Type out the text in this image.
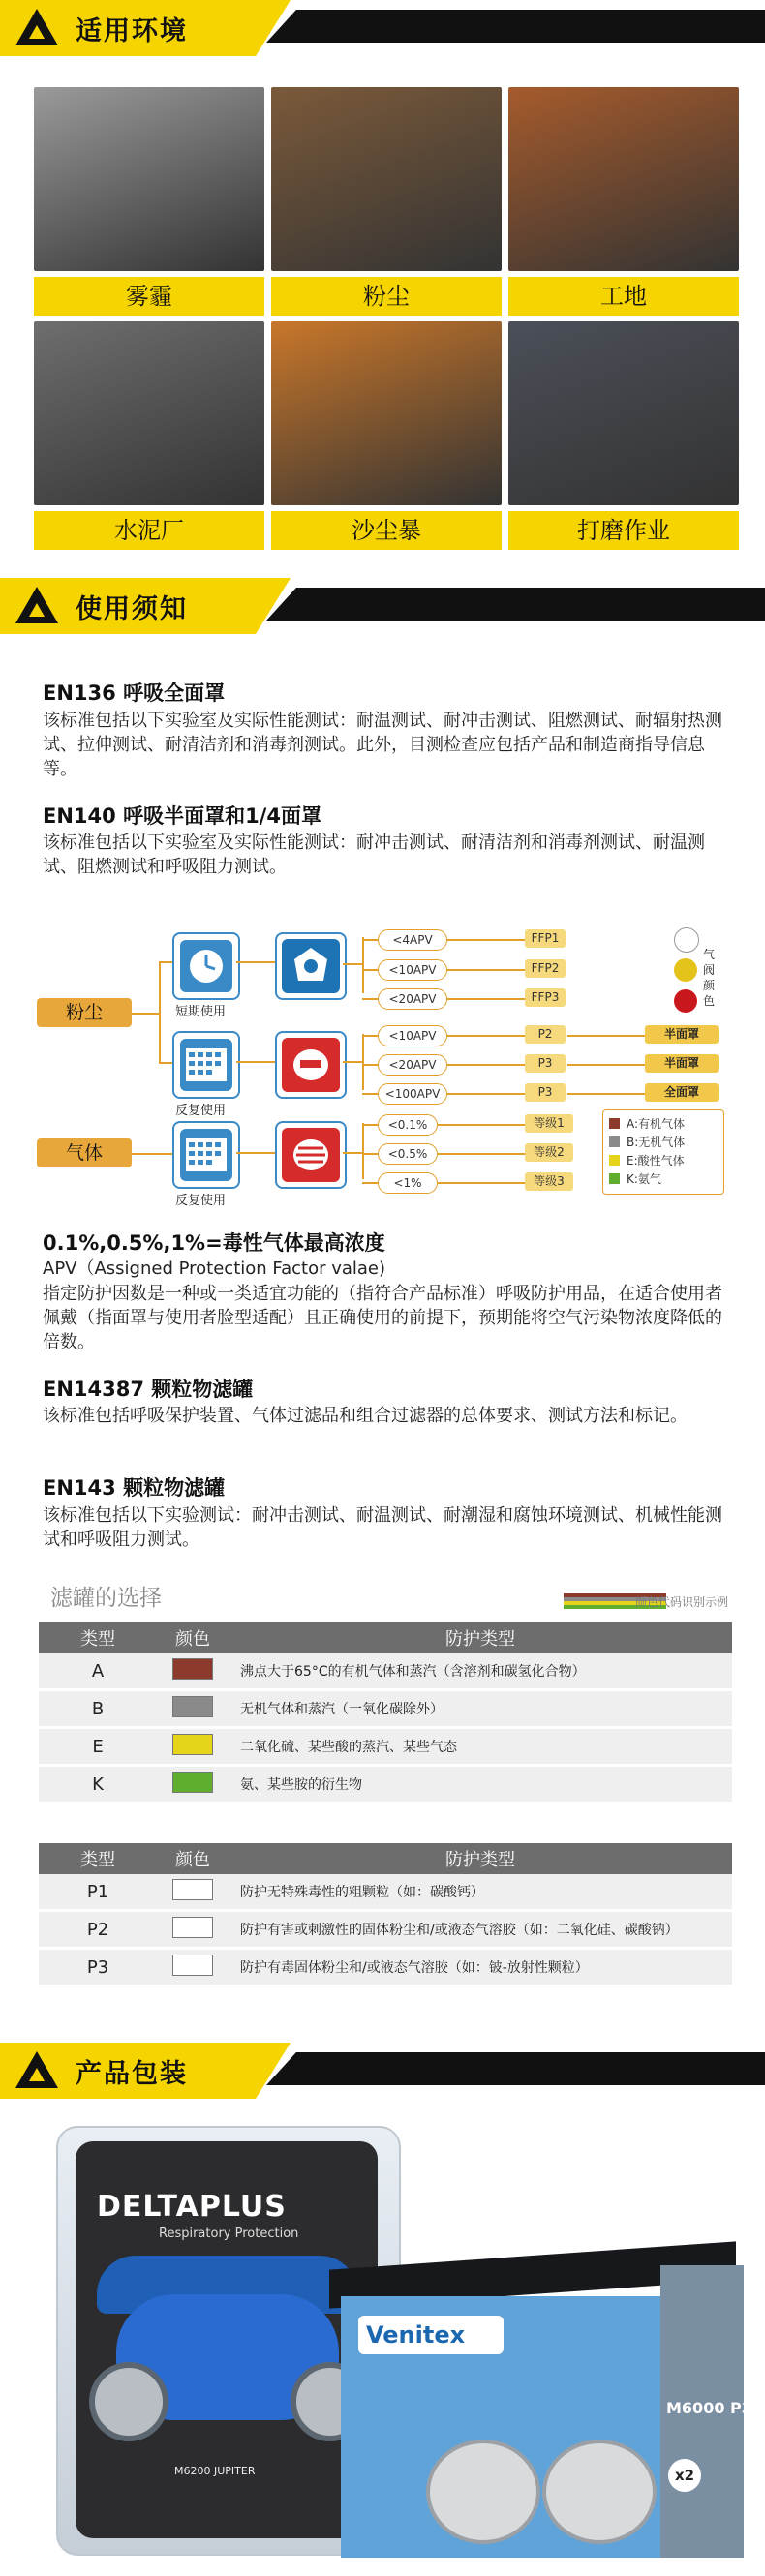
适用环境
雾霾	粉尘	工地
水泥厂	沙尘暴	打磨作业
使用须知
EN136 呼吸全面罩
该标准包括以下实验室及实际性能测试：耐温测试、耐冲击测试、阻燃测试、耐辐射热测试、拉伸测试、耐清洁剂和消毒剂测试。此外，目测检查应包括产品和制造商指导信息等。
EN140 呼吸半面罩和1/4面罩
该标准包括以下实验室及实际性能测试：耐冲击测试、耐清洁剂和消毒剂测试、耐温测试、阻燃测试和呼吸阻力测试。
粉尘
气体
短期使用
反复使用
反复使用
<4APV	FFP1
<10APV	FFP2
<20APV	FFP3
<10APV	P2	半面罩
<20APV	P3	半面罩
<100APV	P3	全面罩
<0.1%	等级1
<0.5%	等级2
<1%	等级3
气阀颜色
A:有机气体
B:无机气体
E:酸性气体
K:氨气
0.1%,0.5%,1%=毒性气体最高浓度
APV（Assigned Protection Factor valae)
指定防护因数是一种或一类适宜功能的（指符合产品标准）呼吸防护用品，在适合使用者佩戴（指面罩与使用者脸型适配）且正确使用的前提下，预期能将空气污染物浓度降低的倍数。
EN14387 颗粒物滤罐
该标准包括呼吸保护装置、气体过滤品和组合过滤器的总体要求、测试方法和标记。
EN143 颗粒物滤罐
该标准包括以下实验测试：耐冲击测试、耐温测试、耐潮湿和腐蚀环境测试、机械性能测试和呼吸阻力测试。
滤罐的选择	颜色代码识别示例
类型	颜色	防护类型
A		沸点大于65°C的有机气体和蒸汽（含溶剂和碳氢化合物）
B		无机气体和蒸汽（一氧化碳除外）
E		二氧化硫、某些酸的蒸汽、某些气态
K		氨、某些胺的衍生物
类型	颜色	防护类型
P1		防护无特殊毒性的粗颗粒（如：碳酸钙）
P2		防护有害或刺激性的固体粉尘和/或液态气溶胶（如：二氧化硅、碳酸钠）
P3		防护有毒固体粉尘和/或液态气溶胶（如：铍-放射性颗粒）
产品包装
DELTAPLUS
Respiratory Protection
M6200 JUPITER
Venitex
M6000 P3
x2
